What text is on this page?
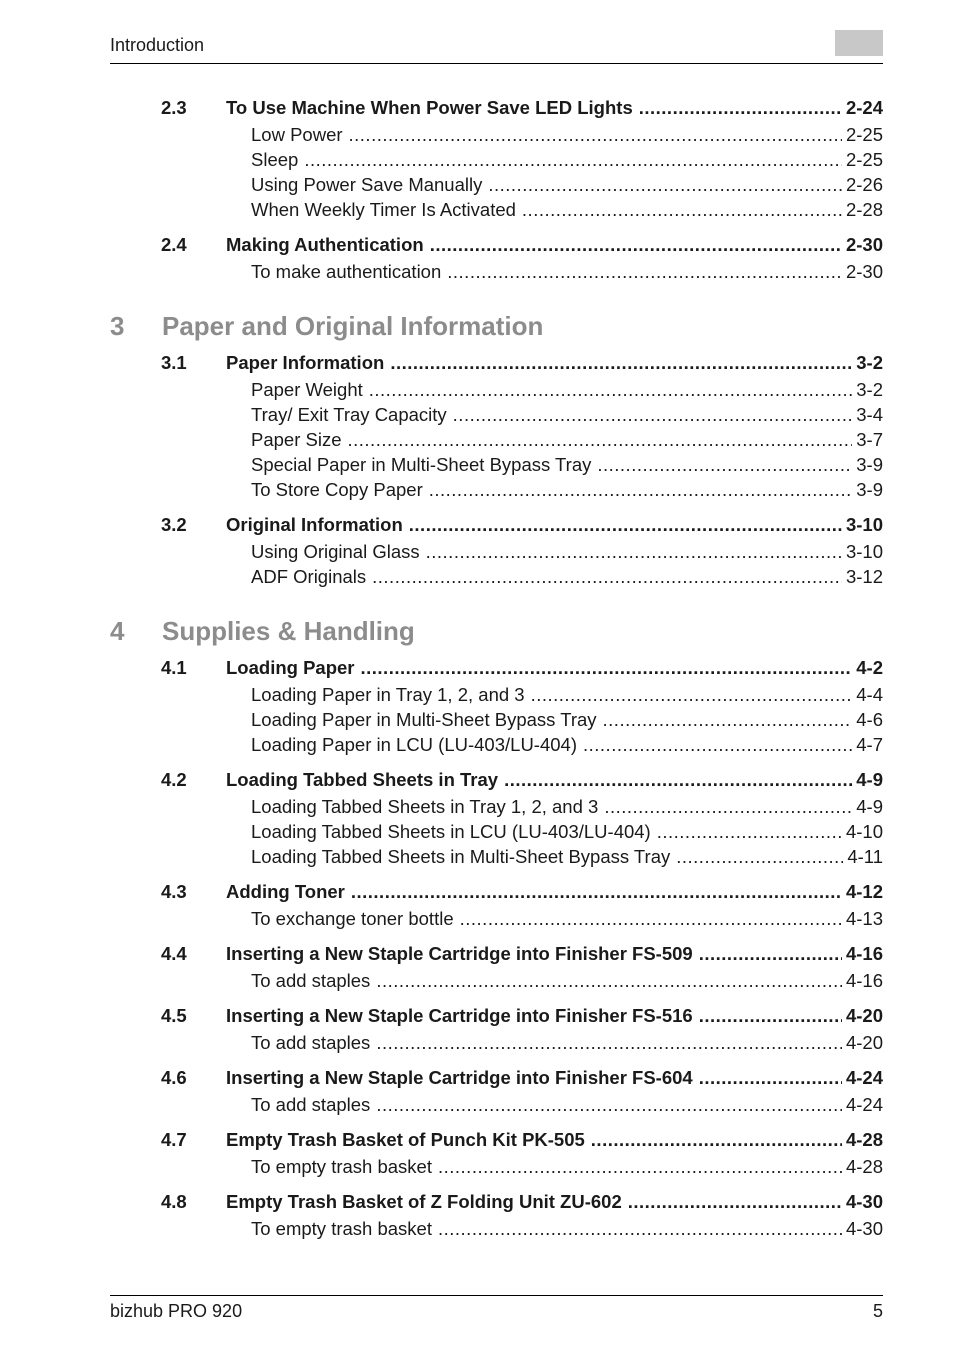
Introduction
2.3 To Use Machine When Power Save LED Lights .....	2-24
Low Power .....	2-25
Sleep .....	2-25
Using Power Save Manually .....	2-26
When Weekly Timer Is Activated .....	2-28
2.4 Making Authentication .....	2-30
To make authentication .....	2-30
3 Paper and Original Information
3.1 Paper Information .....	3-2
Paper Weight .....	3-2
Tray/ Exit Tray Capacity .....	3-4
Paper Size .....	3-7
Special Paper in Multi-Sheet Bypass Tray .....	3-9
To Store Copy Paper .....	3-9
3.2 Original Information .....	3-10
Using Original Glass .....	3-10
ADF Originals .....	3-12
4 Supplies & Handling
4.1 Loading Paper .....	4-2
Loading Paper in Tray 1, 2, and 3 .....	4-4
Loading Paper in Multi-Sheet Bypass Tray .....	4-6
Loading Paper in LCU (LU-403/LU-404) .....	4-7
4.2 Loading Tabbed Sheets in Tray .....	4-9
Loading Tabbed Sheets in Tray 1, 2, and 3 .....	4-9
Loading Tabbed Sheets in LCU (LU-403/LU-404) .....	4-10
Loading Tabbed Sheets in Multi-Sheet Bypass Tray .....	4-11
4.3 Adding Toner .....	4-12
To exchange toner bottle .....	4-13
4.4 Inserting a New Staple Cartridge into Finisher FS-509 .....	4-16
To add staples .....	4-16
4.5 Inserting a New Staple Cartridge into Finisher FS-516 .....	4-20
To add staples .....	4-20
4.6 Inserting a New Staple Cartridge into Finisher FS-604 .....	4-24
To add staples .....	4-24
4.7 Empty Trash Basket of Punch Kit PK-505 .....	4-28
To empty trash basket .....	4-28
4.8 Empty Trash Basket of Z Folding Unit ZU-602 .....	4-30
To empty trash basket .....	4-30
bizhub PRO 920	5
